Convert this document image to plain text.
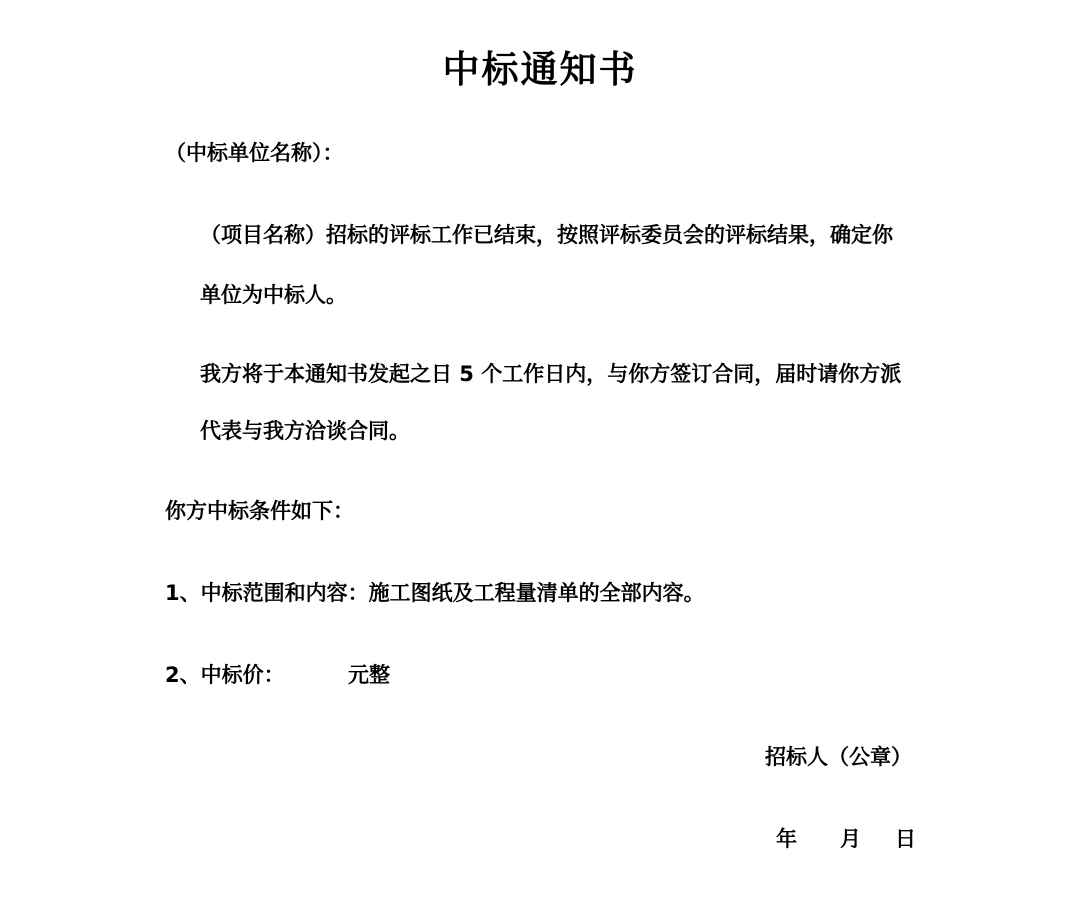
中标通知书
（中标单位名称）：
（项目名称）招标的评标工作已结束，按照评标委员会的评标结果，确定你
单位为中标人。
我方将于本通知书发起之日 5 个工作日内，与你方签订合同，届时请你方派
代表与我方洽谈合同。
你方中标条件如下：
1、中标范围和内容：施工图纸及工程量清单的全部内容。
2、中标价：	元整
招标人（公章）
年 月 日
